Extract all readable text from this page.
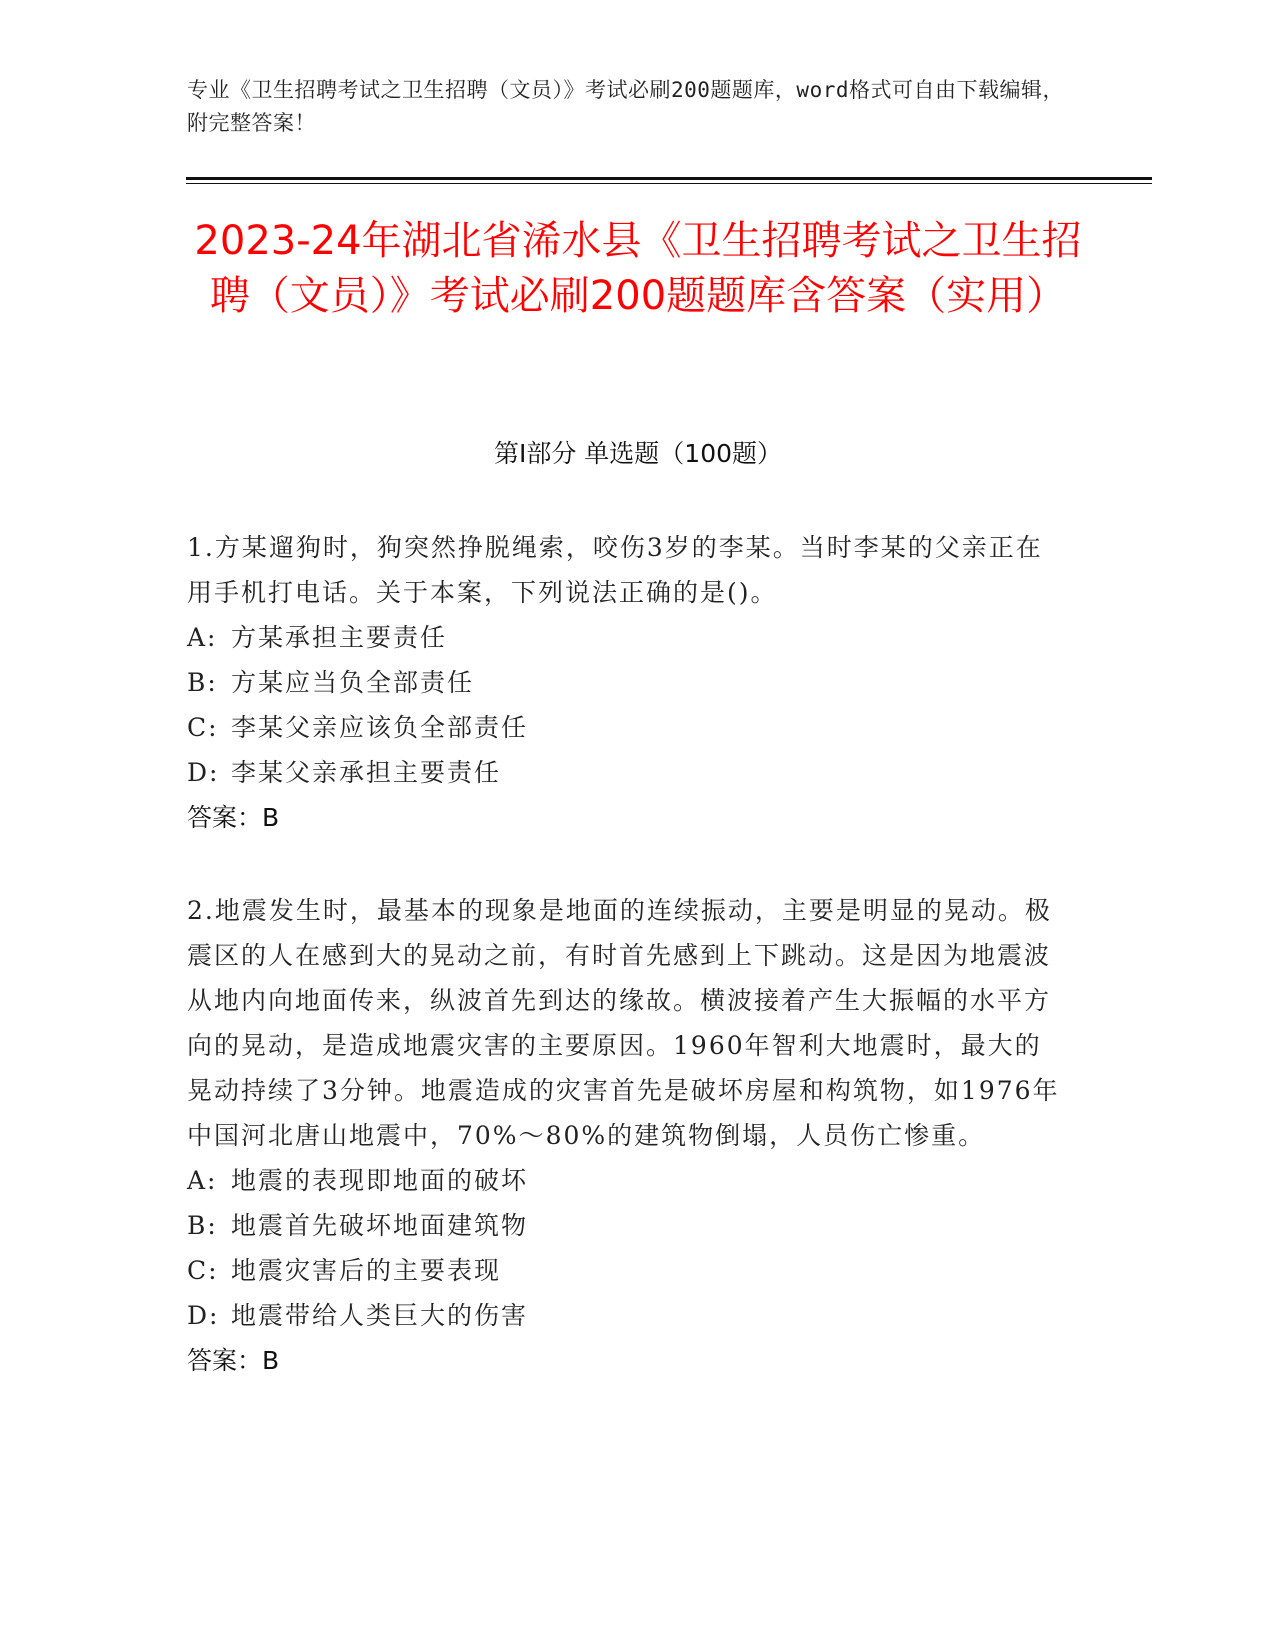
专业《卫生招聘考试之卫生招聘（文员）》考试必刷200题题库，word格式可自由下载编辑，附完整答案！
2023-24年湖北省浠水县《卫生招聘考试之卫生招聘（文员）》考试必刷200题题库含答案（实用）
第Ⅰ部分 单选题（100题）
1.方某遛狗时，狗突然挣脱绳索，咬伤3岁的李某。当时李某的父亲正在用手机打电话。关于本案，下列说法正确的是()。
A: 方某承担主要责任
B: 方某应当负全部责任
C: 李某父亲应该负全部责任
D: 李某父亲承担主要责任
答案：B
2.地震发生时，最基本的现象是地面的连续振动，主要是明显的晃动。极震区的人在感到大的晃动之前，有时首先感到上下跳动。这是因为地震波从地内向地面传来，纵波首先到达的缘故。横波接着产生大振幅的水平方向的晃动，是造成地震灾害的主要原因。1960年智利大地震时，最大的晃动持续了3分钟。地震造成的灾害首先是破坏房屋和构筑物，如1976年中国河北唐山地震中，70%～80%的建筑物倒塌，人员伤亡惨重。
A: 地震的表现即地面的破坏
B: 地震首先破坏地面建筑物
C: 地震灾害后的主要表现
D: 地震带给人类巨大的伤害
答案：B
